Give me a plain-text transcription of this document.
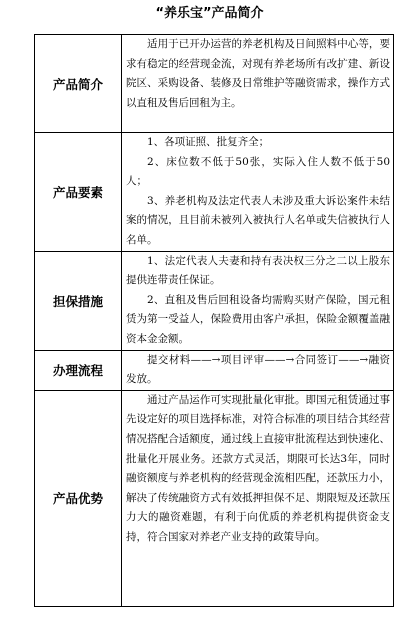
“养乐宝”产品简介
产品简介	适用于已开办运营的养老机构及日间照料中心等，要求有稳定的经营现金流，对现有养老场所有改扩建、新设院区、采购设备、装修及日常维护等融资需求，操作方式以直租及售后回租为主。

产品要素	1、各项证照、批复齐全；

2、床位数不低于50张，实际入住人数不低于50人；

3、养老机构及法定代表人未涉及重大诉讼案件未结案的情况，且目前未被列入被执行人名单或失信被执行人名单。

担保措施	1、法定代表人夫妻和持有表决权三分之二以上股东提供连带责任保证。

2、直租及售后回租设备均需购买财产保险，国元租赁为第一受益人，保险费用由客户承担，保险金额覆盖融资本金金额。

办理流程	提交材料——→项目评审——→合同签订——→融资发放。

产品优势	通过产品运作可实现批量化审批。即国元租赁通过事先设定好的项目选择标准，对符合标准的项目结合其经营情况搭配合适额度，通过线上直接审批流程达到快速化、批量化开展业务。还款方式灵活，期限可长达3年，同时融资额度与养老机构的经营现金流相匹配，还款压力小，解决了传统融资方式有效抵押担保不足、期限短及还款压力大的融资难题，有利于向优质的养老机构提供资金支持，符合国家对养老产业支持的政策导向。
